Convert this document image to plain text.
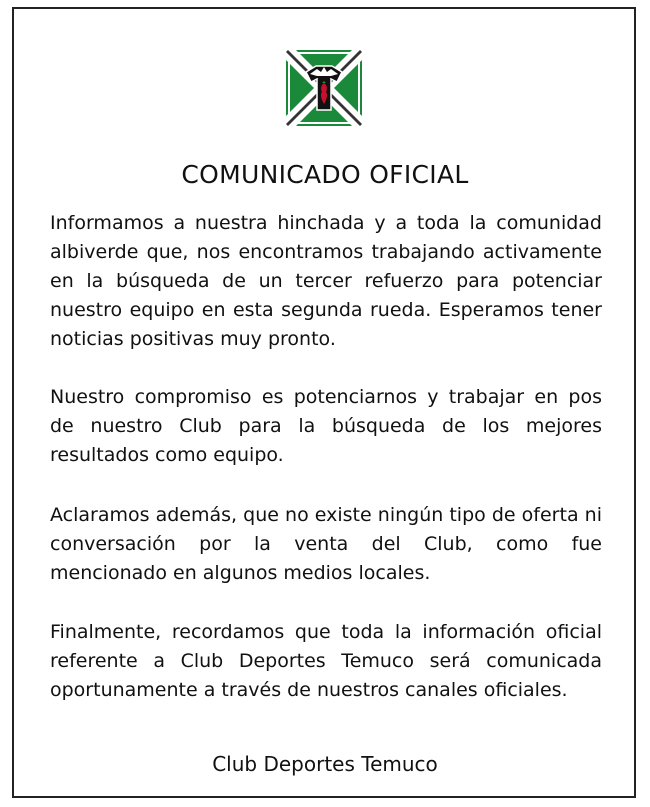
COMUNICADO OFICIAL

Informamos a nuestra hinchada y a toda la comunidad albiverde que, nos encontramos trabajando activamente en la búsqueda de un tercer refuerzo para potenciar nuestro equipo en esta segunda rueda. Esperamos tener noticias positivas muy pronto.

Nuestro compromiso es potenciarnos y trabajar en pos de nuestro Club para la búsqueda de los mejores resultados como equipo.

Aclaramos además, que no existe ningún tipo de oferta ni conversación por la venta del Club, como fue mencionado en algunos medios locales.

Finalmente, recordamos que toda la información oficial referente a Club Deportes Temuco será comunicada oportunamente a través de nuestros canales oficiales.

Club Deportes Temuco
